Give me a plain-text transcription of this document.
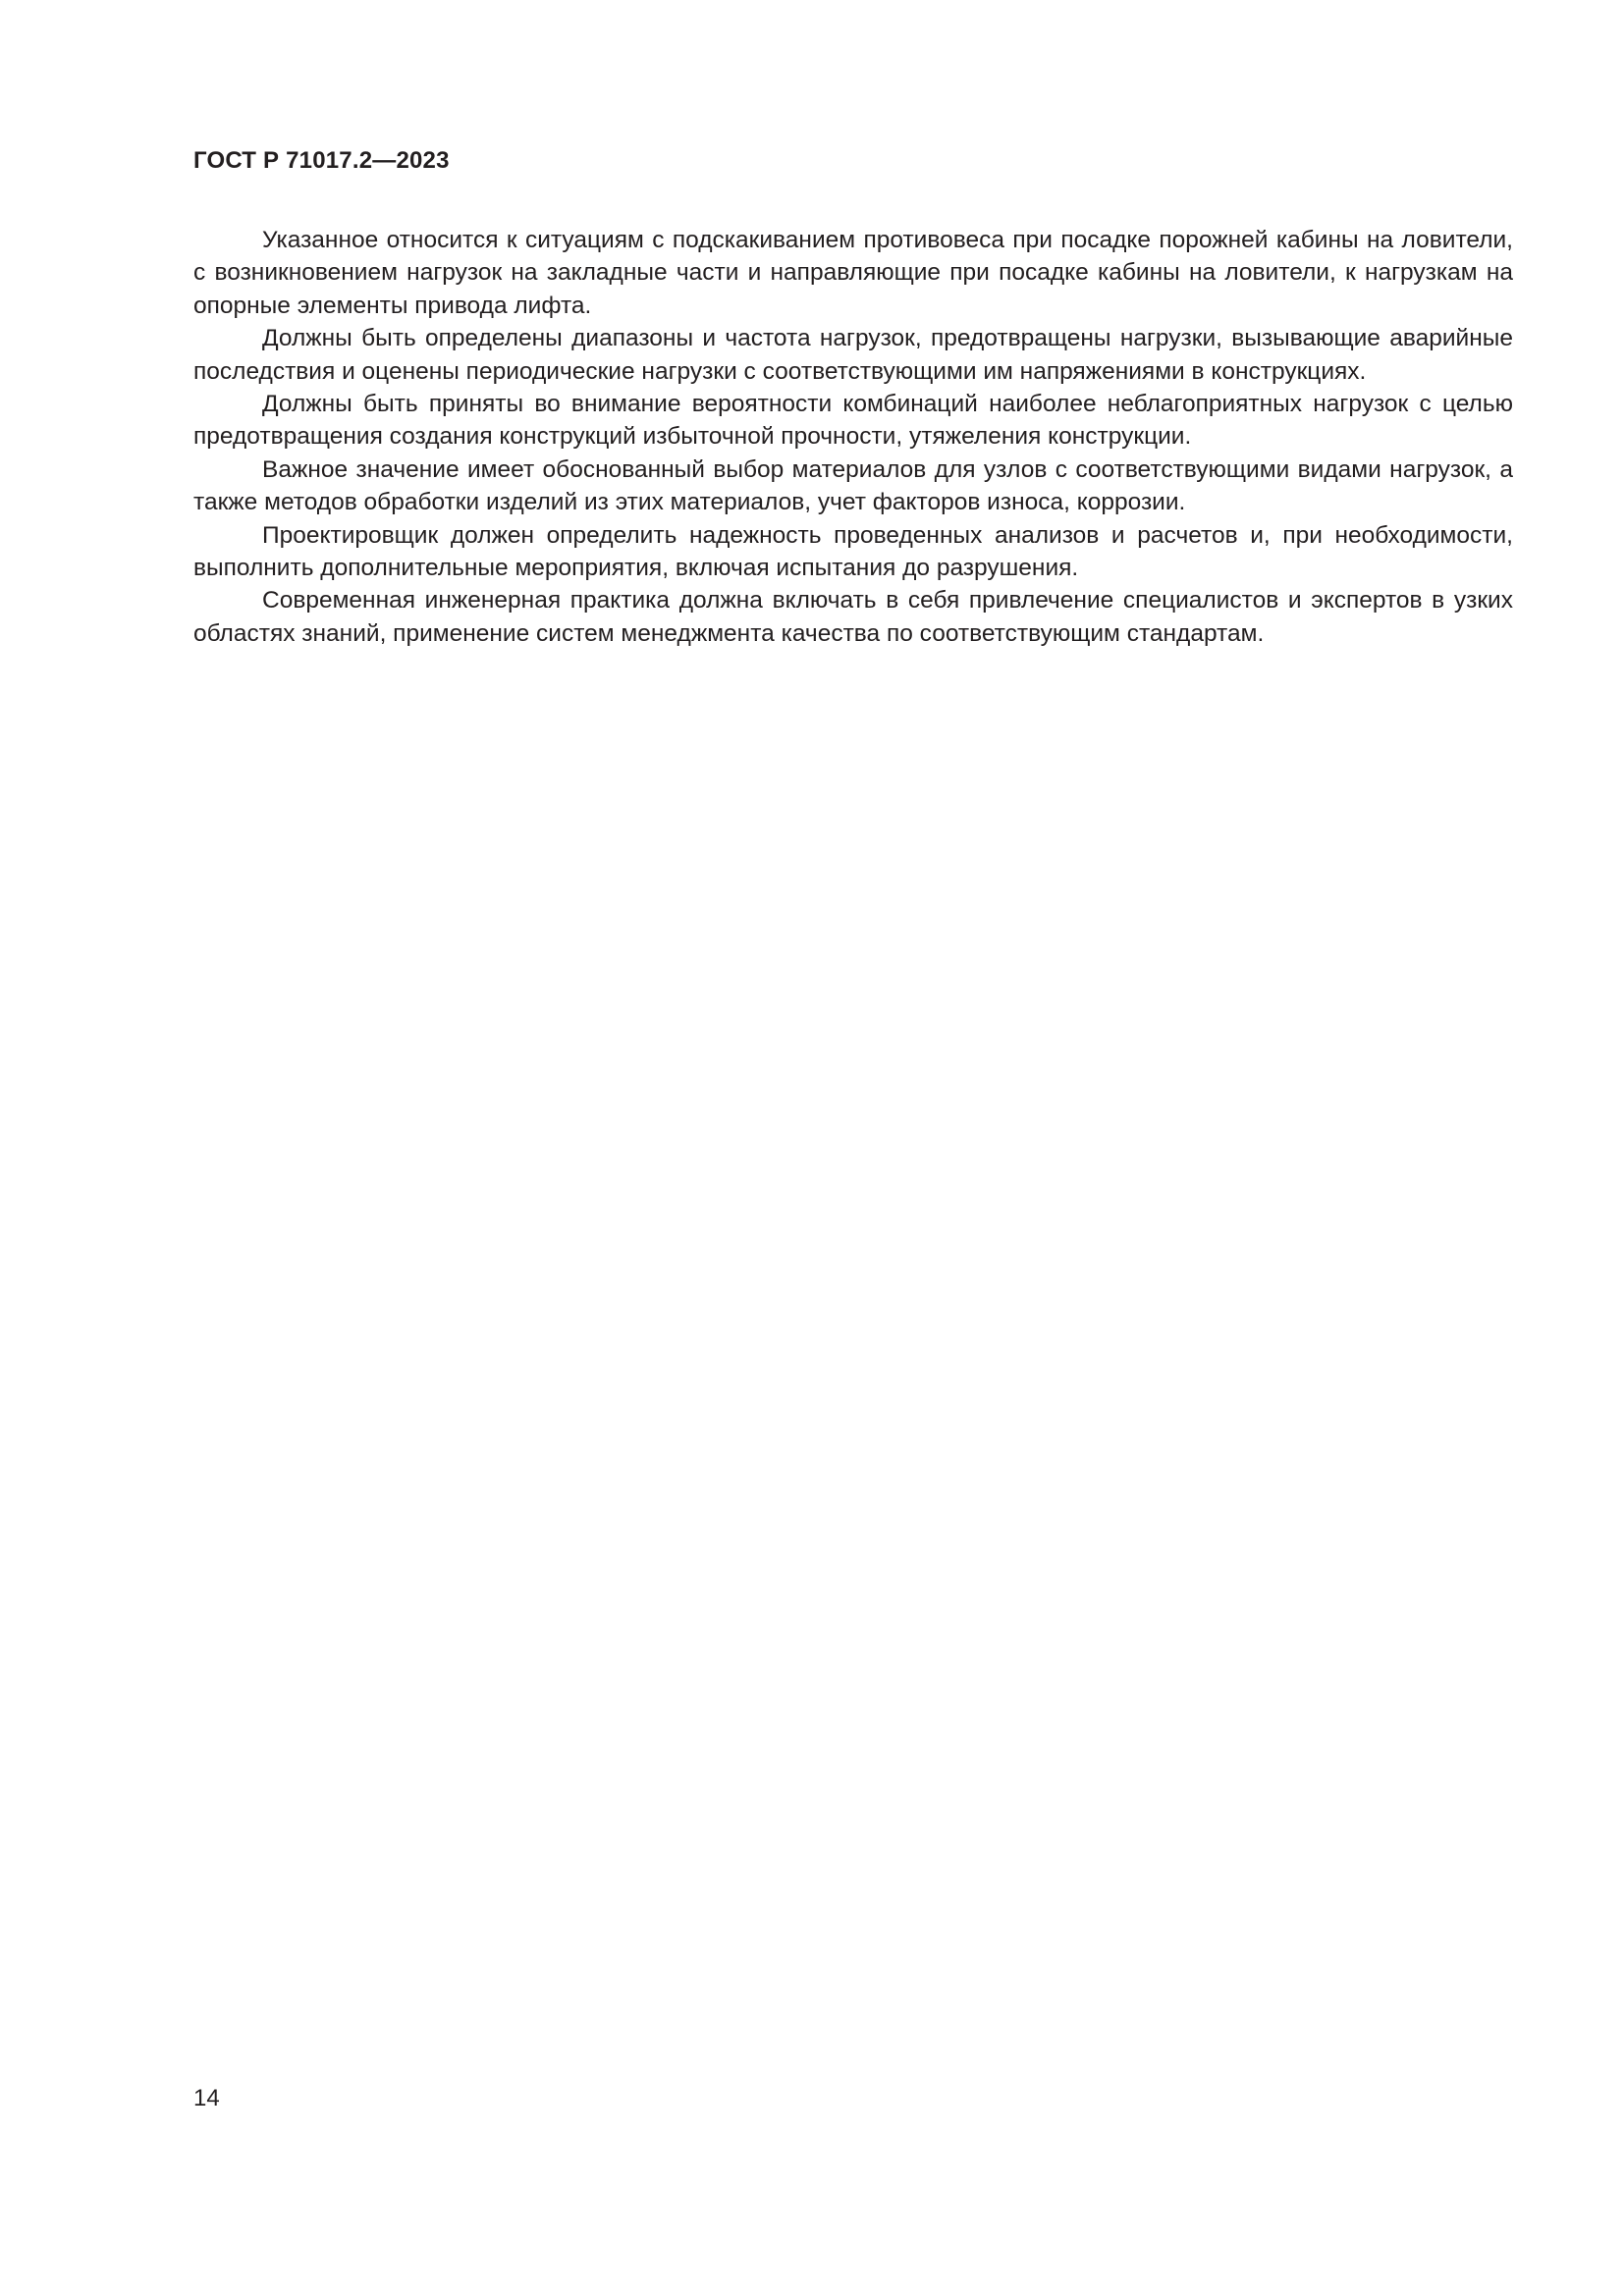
ГОСТ Р 71017.2—2023

Указанное относится к ситуациям с подскакиванием противовеса при посадке порожней кабины на ловители, с возникновением нагрузок на закладные части и направляющие при посадке кабины на ловители, к нагрузкам на опорные элементы привода лифта.

Должны быть определены диапазоны и частота нагрузок, предотвращены нагрузки, вызывающие аварийные последствия и оценены периодические нагрузки с соответствующими им напряжениями в конструкциях.

Должны быть приняты во внимание вероятности комбинаций наиболее неблагоприятных нагрузок с целью предотвращения создания конструкций избыточной прочности, утяжеления конструкции.

Важное значение имеет обоснованный выбор материалов для узлов с соответствующими видами нагрузок, а также методов обработки изделий из этих материалов, учет факторов износа, коррозии.

Проектировщик должен определить надежность проведенных анализов и расчетов и, при необходимости, выполнить дополнительные мероприятия, включая испытания до разрушения.

Современная инженерная практика должна включать в себя привлечение специалистов и экспертов в узких областях знаний, применение систем менеджмента качества по соответствующим стандартам.

14
